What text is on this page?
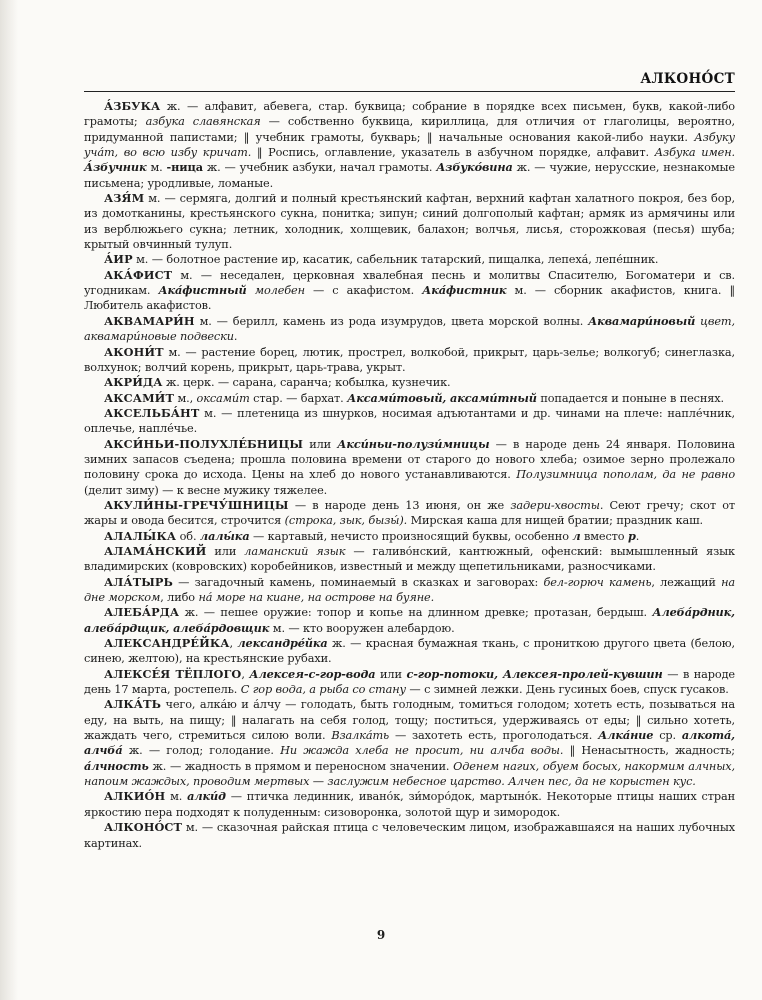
АЛКОНО́СТ

А́ЗБУКА ж. — алфавит, абевега, стар. буквица; собрание в порядке всех письмен, букв, какой-либо грамоты; азбука славянская — собственно буквица, кириллица, для отличия от глаголицы, вероятно, придуманной папистами; ‖ учебник грамоты, букварь; ‖ начальные основания какой-либо науки. Азбуку уча́т, во всю избу кричат. ‖ Роспись, оглавление, указатель в азбучном порядке, алфавит. Азбука имен. А́збучник м. -ница ж. — учебник азбуки, начал грамоты. Азбуко́вина ж. — чужие, нерусские, незнакомые письмена; уродливые, ломаные.

АЗЯ́М м. — сермяга, долгий и полный крестьянский кафтан, верхний кафтан халатного покроя, без бор, из домотканины, крестьянского сукна, понитка; зипун; синий долгополый кафтан; армяк из армячины или из верблюжьего сукна; летник, холодник, холщевик, балахон; волчья, лисья, сторожковая (песья) шуба; крытый овчинный тулуп.

А́ИР м. — болотное растение ир, касатик, сабельник татарский, пищалка, лепеха́, лепе́шник.

АКА́ФИСТ м. — неседален, церковная хвалебная песнь и молитвы Спасителю, Богоматери и св. угодникам. Ака́фистный молебен — с акафистом. Ака́фистник м. — сборник акафистов, книга. ‖ Любитель акафистов.

АКВАМАРИ́Н м. — берилл, камень из рода изумрудов, цвета морской волны. Аквамари́новый цвет, аквамари́новые подвески.

АКОНИ́Т м. — растение борец, лютик, прострел, волкобой, прикрыт, царь-зелье; волкогуб; синеглазка, волхунок; волчий корень, прикрыт, царь-трава, укрыт.

АКРИ́ДА ж. церк. — сарана, саранча; кобылка, кузнечик.

АКСАМИ́Т м., оксами́т стар. — бархат. Аксами́товый, аксами́тный попадается и поныне в песнях.

АКСЕЛЬБА́НТ м. — плетеница из шнурков, носимая адъютантами и др. чинами на плече: напле́чник, оплечье, напле́чье.

АКСИ́НЬИ-ПОЛУХЛЕ́БНИЦЫ или Акси́ньи-полузи́мницы — в народе день 24 января. Половина зимних запасов съедена; прошла половина времени от старого до нового хлеба; озимое зерно пролежало половину срока до исхода. Цены на хлеб до нового устанавливаются. Полузимница пополам, да не равно (делит зиму) — к весне мужику тяжелее.

АКУЛИ́НЫ-ГРЕЧУ́ШНИЦЫ — в народе день 13 июня, он же задери-хвосты. Сеют гречу; скот от жары и овода бесится, строчится (строка, зык, бызы́). Мирская каша для нищей братии; праздник каш.

АЛАЛЫ́КА об. лалы́ка — картавый, нечисто произносящий буквы, особенно л вместо р.

АЛАМА́НСКИЙ или ламанский язык — галиво́нский, кантюжный, офенский: вымышленный язык владимирских (ковровских) коробейников, известный и между щепетильниками, разносчиками.

АЛА́ТЫРЬ — загадочный камень, поминаемый в сказках и заговорах: бел-горюч камень, лежащий на дне морском, либо на́ море на киане, на острове на буяне.

АЛЕБА́РДА ж. — пешее оружие: топор и копье на длинном древке; протазан, бердыш. Алеба́рдник, алеба́рдщик, алеба́рдовщик м. — кто вооружен алебардою.

АЛЕКСАНДРЕ́ЙКА, лександре́йка ж. — красная бумажная ткань, с прониткою другого цвета (белою, синею, желтою), на крестьянские рубахи.

АЛЕКСЕ́Я ТЁПЛОГО, Алексея-с-гор-вода или с-гор-потоки, Алексея-пролей-кувшин — в народе день 17 марта, ростепель. С гор вода, а рыба со стану — с зимней лежки. День гусиных боев, спуск гусаков.

АЛКА́ТЬ чего, алка́ю и а́лчу — голодать, быть голодным, томиться голодом; хотеть есть, позываться на еду, на выть, на пищу; ‖ налагать на себя голод, тощу; поститься, удерживаясь от еды; ‖ сильно хотеть, жаждать чего, стремиться силою воли. Взалка́ть — захотеть есть, проголодаться. Алка́ние ср. алкота́, алчба́ ж. — голод; голодание. Ни жажда хлеба не просит, ни алчба воды. ‖ Ненасытность, жадность; а́лчность ж. — жадность в прямом и переносном значении. Оденем нагих, обуем босых, накормим алчных, напоим жаждых, проводим мертвых — заслужим небесное царство. Алчен пес, да не корыстен кус.

АЛКИО́Н м. алки́д — птичка лединник, ивано́к, зи́моро́док, мартыно́к. Некоторые птицы наших стран яркостию пера подходят к полуденным: сизоворонка, золотой щур и зимородок.

АЛКОНО́СТ м. — сказочная райская птица с человеческим лицом, изображавшаяся на наших лубочных картинах.

9
